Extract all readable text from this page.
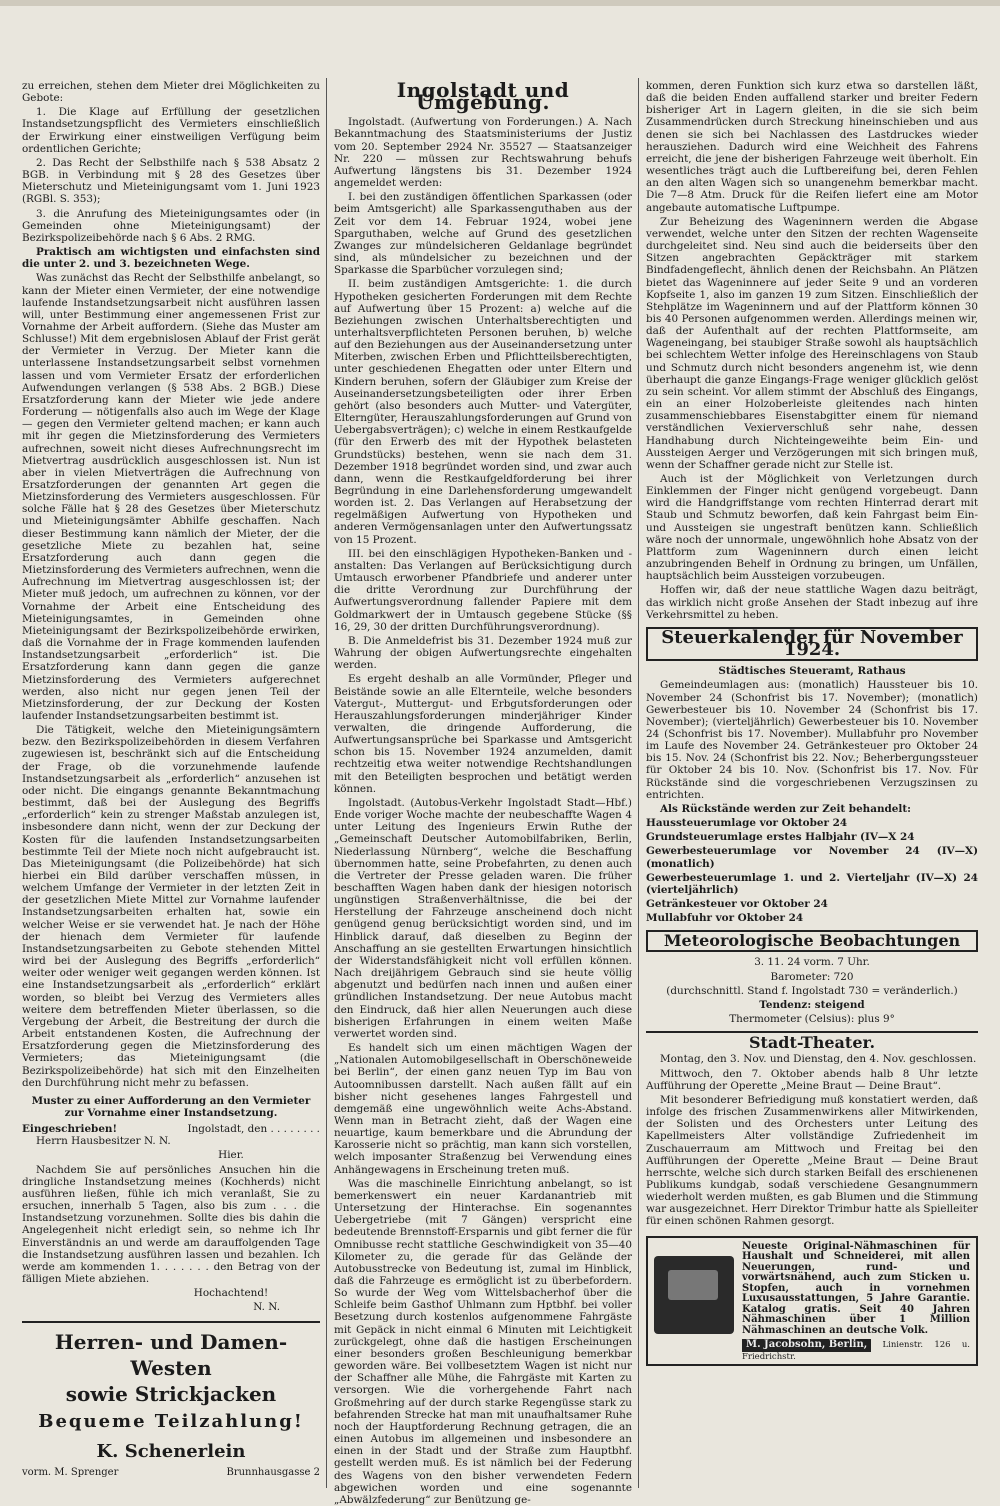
zu erreichen, stehen dem Mieter drei Möglichkeiten zu Gebote:

1. Die Klage auf Erfüllung der gesetzlichen Instandsetzungspflicht des Vermieters einschließlich der Erwirkung einer einstweiligen Verfügung beim ordentlichen Gerichte;

2. Das Recht der Selbsthilfe nach § 538 Absatz 2 BGB. in Verbindung mit § 28 des Gesetzes über Mieterschutz und Mieteinigungsamt vom 1. Juni 1923 (RGBl. S. 353);

3. die Anrufung des Mieteinigungsamtes oder (in Gemeinden ohne Mieteinigungsamt) der Bezirkspolizeibehörde nach § 6 Abs. 2 RMG.

Praktisch am wichtigsten und einfachsten sind die unter 2. und 3. bezeichneten Wege.

Was zunächst das Recht der Selbsthilfe anbelangt, so kann der Mieter einen Vermieter, der eine notwendige laufende Instandsetzungsarbeit nicht ausführen lassen will, unter Bestimmung einer angemessenen Frist zur Vornahme der Arbeit auffordern. (Siehe das Muster am Schlusse!) Mit dem ergebnislosen Ablauf der Frist gerät der Vermieter in Verzug. Der Mieter kann die unterlassene Instandsetzungsarbeit selbst vornehmen lassen und vom Vermieter Ersatz der erforderlichen Aufwendungen verlangen (§ 538 Abs. 2 BGB.) Diese Ersatzforderung kann der Mieter wie jede andere Forderung — nötigenfalls also auch im Wege der Klage — gegen den Vermieter geltend machen; er kann auch mit ihr gegen die Mietzinsforderung des Vermieters aufrechnen, soweit nicht dieses Aufrechnungsrecht im Mietvertrag ausdrücklich ausgeschlossen ist. Nun ist aber in vielen Mietverträgen die Aufrechnung von Ersatzforderungen der genannten Art gegen die Mietzinsforderung des Vermieters ausgeschlossen. Für solche Fälle hat § 28 des Gesetzes über Mieterschutz und Mieteinigungsämter Abhilfe geschaffen. Nach dieser Bestimmung kann nämlich der Mieter, der die gesetzliche Miete zu bezahlen hat, seine Ersatzforderung auch dann gegen die Mietzinsforderung des Vermieters aufrechnen, wenn die Aufrechnung im Mietvertrag ausgeschlossen ist; der Mieter muß jedoch, um aufrechnen zu können, vor der Vornahme der Arbeit eine Entscheidung des Mieteinigungsamtes, in Gemeinden ohne Mieteinigungsamt der Bezirkspolizeibehörde erwirken, daß die Vornahme der in Frage kommenden laufenden Instandsetzungsarbeit „erforderlich“ ist. Die Ersatzforderung kann dann gegen die ganze Mietzinsforderung des Vermieters aufgerechnet werden, also nicht nur gegen jenen Teil der Mietzinsforderung, der zur Deckung der Kosten laufender Instandsetzungsarbeiten bestimmt ist.

Die Tätigkeit, welche den Mieteinigungsämtern bezw. den Bezirkspolizeibehörden in diesem Verfahren zugewiesen ist, beschränkt sich auf die Entscheidung der Frage, ob die vorzunehmende laufende Instandsetzungsarbeit als „erforderlich“ anzusehen ist oder nicht. Die eingangs genannte Bekanntmachung bestimmt, daß bei der Auslegung des Begriffs „erforderlich“ kein zu strenger Maßstab anzulegen ist, insbesondere dann nicht, wenn der zur Deckung der Kosten für die laufenden Instandsetzungsarbeiten bestimmte Teil der Miete noch nicht aufgebraucht ist. Das Mieteinigungsamt (die Polizeibehörde) hat sich hierbei ein Bild darüber verschaffen müssen, in welchem Umfange der Vermieter in der letzten Zeit in der gesetzlichen Miete Mittel zur Vornahme laufender Instandsetzungsarbeiten erhalten hat, sowie ein welcher Weise er sie verwendet hat. Je nach der Höhe der hienach dem Vermieter für laufende Instandsetzungsarbeiten zu Gebote stehenden Mittel wird bei der Auslegung des Begriffs „erforderlich“ weiter oder weniger weit gegangen werden können. Ist eine Instandsetzungsarbeit als „erforderlich“ erklärt worden, so bleibt bei Verzug des Vermieters alles weitere dem betreffenden Mieter überlassen, so die Vergebung der Arbeit, die Bestreitung der durch die Arbeit entstandenen Kosten, die Aufrechnung der Ersatzforderung gegen die Mietzinsforderung des Vermieters; das Mieteinigungsamt (die Bezirkspolizeibehörde) hat sich mit den Einzelheiten den Durchführung nicht mehr zu befassen.

Muster zu einer Aufforderung an den Vermieter zur Vornahme einer Instandsetzung.

Eingeschrieben!	Ingolstadt, den . . . . . . . .

Herrn Hausbesitzer N. N.

Hier.

Nachdem Sie auf persönliches Ansuchen hin die dringliche Instandsetzung meines (Kochherds) nicht ausführen ließen, fühle ich mich veranlaßt, Sie zu ersuchen, innerhalb 5 Tagen, also bis zum . . . die Instandsetzung vorzunehmen. Sollte dies bis dahin die Angelegenheit nicht erledigt sein, so nehme ich Ihr Einverständnis an und werde am darauffolgenden Tage die Instandsetzung ausführen lassen und bezahlen. Ich werde am kommenden 1. . . . . . . den Betrag von der fälligen Miete abziehen.

Hochachtend!

N. N.

Herren- und Damen-Westen
sowie Strickjacken
Bequeme Teilzahlung!
K. Schenerlein
vorm. M. Sprenger	Brunnhausgasse 2
Ingolstadt und Umgebung.

Ingolstadt. (Aufwertung von Forderungen.) A. Nach Bekanntmachung des Staatsministeriums der Justiz vom 20. September 2924 Nr. 35527 — Staatsanzeiger Nr. 220 — müssen zur Rechtswahrung behufs Aufwertung längstens bis 31. Dezember 1924 angemeldet werden:

I. bei den zuständigen öffentlichen Sparkassen (oder beim Amtsgericht) alle Sparkassenguthaben aus der Zeit vor dem 14. Februar 1924, wobei jene Sparguthaben, welche auf Grund des gesetzlichen Zwanges zur mündelsicheren Geldanlage begründet sind, als mündelsicher zu bezeichnen und der Sparkasse die Sparbücher vorzulegen sind;

II. beim zuständigen Amtsgerichte: 1. die durch Hypotheken gesicherten Forderungen mit dem Rechte auf Aufwertung über 15 Prozent: a) welche auf die Beziehungen zwischen Unterhaltsberechtigten und unterhaltsverpflichteten Personen beruhen, b) welche auf den Beziehungen aus der Auseinandersetzung unter Miterben, zwischen Erben und Pflichtteilsberechtigten, unter geschiedenen Ehegatten oder unter Eltern und Kindern beruhen, sofern der Gläubiger zum Kreise der Auseinandersetzungsbeteiligten oder ihrer Erben gehört (also besonders auch Mutter- und Vatergüter, Elterngüter, Herauszahlungsforderungen auf Grund von Uebergabsverträgen); c) welche in einem Restkaufgelde (für den Erwerb des mit der Hypothek belasteten Grundstücks) bestehen, wenn sie nach dem 31. Dezember 1918 begründet worden sind, und zwar auch dann, wenn die Restkaufgeldforderung bei ihrer Begründung in eine Darlehensforderung umgewandelt worden ist. 2. Das Verlangen auf Herabsetzung der regelmäßigen Aufwertung von Hypotheken und anderen Vermögensanlagen unter den Aufwertungssatz von 15 Prozent.

III. bei den einschlägigen Hypotheken-Banken und -anstalten: Das Verlangen auf Berücksichtigung durch Umtausch erworbener Pfandbriefe und anderer unter die dritte Verordnung zur Durchführung der Aufwertungsverordnung fallender Papiere mit dem Goldmarkwert der in Umtausch gegebene Stücke (§§ 16, 29, 30 der dritten Durchführungsverordnung).

B. Die Anmeldefrist bis 31. Dezember 1924 muß zur Wahrung der obigen Aufwertungsrechte eingehalten werden.

Es ergeht deshalb an alle Vormünder, Pfleger und Beistände sowie an alle Elternteile, welche besonders Vatergut-, Muttergut- und Erbgutsforderungen oder Herauszahlungsforderungen minderjähriger Kinder verwalten, die dringende Aufforderung, die Aufwertungsansprüche bei Sparkasse und Amtsgericht schon bis 15. November 1924 anzumelden, damit rechtzeitig etwa weiter notwendige Rechtshandlungen mit den Beteiligten besprochen und betätigt werden können.

Ingolstadt. (Autobus-Verkehr Ingolstadt Stadt—Hbf.) Ende voriger Woche machte der neubeschaffte Wagen 4 unter Leitung des Ingenieurs Erwin Ruthe der „Gemeinschaft Deutscher Automobilfabriken, Berlin, Niederlassung Nürnberg“, welche die Beschaffung übernommen hatte, seine Probefahrten, zu denen auch die Vertreter der Presse geladen waren. Die früher beschafften Wagen haben dank der hiesigen notorisch ungünstigen Straßenverhältnisse, die bei der Herstellung der Fahrzeuge anscheinend doch nicht genügend genug berücksichtigt worden sind, und im Hinblick darauf, daß dieselben zu Beginn der Anschaffung an sie gestellten Erwartungen hinsichtlich der Widerstandsfähigkeit nicht voll erfüllen können. Nach dreijährigem Gebrauch sind sie heute völlig abgenutzt und bedürfen nach innen und außen einer gründlichen Instandsetzung. Der neue Autobus macht den Eindruck, daß hier allen Neuerungen auch diese bisherigen Erfahrungen in einem weiten Maße verwertet worden sind.

Es handelt sich um einen mächtigen Wagen der „Nationalen Automobilgesellschaft in Oberschöneweide bei Berlin“, der einen ganz neuen Typ im Bau von Autoomnibussen darstellt. Nach außen fällt auf ein bisher nicht gesehenes langes Fahrgestell und demgemäß eine ungewöhnlich weite Achs-Abstand. Wenn man in Betracht zieht, daß der Wagen eine neuartige, kaum bemerkbare und die Abrundung der Karosserie nicht so prächtig, man kann sich vorstellen, welch imposanter Straßenzug bei Verwendung eines Anhängewagens in Erscheinung treten muß.

Was die maschinelle Einrichtung anbelangt, so ist bemerkenswert ein neuer Kardanantrieb mit Untersetzung der Hinterachse. Ein sogenanntes Uebergetriebe (mit 7 Gängen) verspricht eine bedeutende Brennstoff-Ersparnis und gibt ferner die für Omnibusse recht stattliche Geschwindigkeit von 35—40 Kilometer zu, die gerade für das Gelände der Autobusstrecke von Bedeutung ist, zumal im Hinblick, daß die Fahrzeuge es ermöglicht ist zu überbefordern. So wurde der Weg vom Wittelsbacherhof über die Schleife beim Gasthof Uhlmann zum Hptbhf. bei voller Besetzung durch kostenlos aufgenommene Fahrgäste mit Gepäck in nicht einmal 6 Minuten mit Leichtigkeit zurückgelegt, ohne daß die hastigen Erscheinungen einer besonders großen Beschleunigung bemerkbar geworden wäre. Bei vollbesetztem Wagen ist nicht nur der Schaffner alle Mühe, die Fahrgäste mit Karten zu versorgen. Wie die vorhergehende Fahrt nach Großmehring auf der durch starke Regengüsse stark zu befahrenden Strecke hat man mit unaufhaltsamer Ruhe noch der Hauptforderung Rechnung getragen, die an einen Autobus im allgemeinen und insbesondere an einen in der Stadt und der Straße zum Hauptbhf. gestellt werden muß. Es ist nämlich bei der Federung des Wagens von den bisher verwendeten Federn abgewichen worden und eine sogenannte „Abwälzfederung“ zur Benützung ge-

kommen, deren Funktion sich kurz etwa so darstellen läßt, daß die beiden Enden auffallend starker und breiter Federn bisheriger Art in Lagern gleiten, in die sie sich beim Zusammendrücken durch Streckung hineinschieben und aus denen sie sich bei Nachlassen des Lastdruckes wieder herausziehen. Dadurch wird eine Weichheit des Fahrens erreicht, die jene der bisherigen Fahrzeuge weit überholt. Ein wesentliches trägt auch die Luftbereifung bei, deren Fehlen an den alten Wagen sich so unangenehm bemerkbar macht. Die 7—8 Atm. Druck für die Reifen liefert eine am Motor angebaute automatische Luftpumpe.

Zur Beheizung des Wageninnern werden die Abgase verwendet, welche unter den Sitzen der rechten Wagenseite durchgeleitet sind. Neu sind auch die beiderseits über den Sitzen angebrachten Gepäckträger mit starkem Bindfadengeflecht, ähnlich denen der Reichsbahn. An Plätzen bietet das Wageninnere auf jeder Seite 9 und an vorderen Kopfseite 1, also im ganzen 19 zum Sitzen. Einschließlich der Stehplätze im Wageninnern und auf der Plattform können 30 bis 40 Personen aufgenommen werden. Allerdings meinen wir, daß der Aufenthalt auf der rechten Plattformseite, am Wageneingang, bei staubiger Straße sowohl als hauptsächlich bei schlechtem Wetter infolge des Hereinschlagens von Staub und Schmutz durch nicht besonders angenehm ist, wie denn überhaupt die ganze Eingangs-Frage weniger glücklich gelöst zu sein scheint. Vor allem stimmt der Abschluß des Eingangs, ein an einer Holzoberleiste gleitendes nach hinten zusammenschiebbares Eisenstabgitter einem für niemand verständlichen Vexierverschluß sehr nahe, dessen Handhabung durch Nichteingeweihte beim Ein- und Aussteigen Aerger und Verzögerungen mit sich bringen muß, wenn der Schaffner gerade nicht zur Stelle ist.

Auch ist der Möglichkeit von Verletzungen durch Einklemmen der Finger nicht genügend vorgebeugt. Dann wird die Handgriffstange vom rechten Hinterrad derart mit Staub und Schmutz beworfen, daß kein Fahrgast beim Ein- und Aussteigen sie ungestraft benützen kann. Schließlich wäre noch der unnormale, ungewöhnlich hohe Absatz von der Plattform zum Wageninnern durch einen leicht anzubringenden Behelf in Ordnung zu bringen, um Unfällen, hauptsächlich beim Aussteigen vorzubeugen.

Hoffen wir, daß der neue stattliche Wagen dazu beiträgt, das wirklich nicht große Ansehen der Stadt inbezug auf ihre Verkehrsmittel zu heben.

Steuerkalender für November 1924.

Städtisches Steueramt, Rathaus

Gemeindeumlagen aus: (monatlich) Haussteuer bis 10. November 24 (Schonfrist bis 17. November); (monatlich) Gewerbesteuer bis 10. November 24 (Schonfrist bis 17. November); (vierteljährlich) Gewerbesteuer bis 10. November 24 (Schonfrist bis 17. November). Mullabfuhr pro November im Laufe des November 24. Getränkesteuer pro Oktober 24 bis 15. Nov. 24 (Schonfrist bis 22. Nov.; Beherbergungssteuer für Oktober 24 bis 10. Nov. (Schonfrist bis 17. Nov. Für Rückstände sind die vorgeschriebenen Verzugszinsen zu entrichten.

Als Rückstände werden zur Zeit behandelt:

Haussteuerumlage vor Oktober 24

Grundsteuerumlage erstes Halbjahr (IV—X 24

Gewerbesteuerumlage vor November 24 (IV—X) (monatlich)

Gewerbesteuerumlage 1. und 2. Vierteljahr (IV—X) 24 (vierteljährlich)

Getränkesteuer vor Oktober 24

Mullabfuhr vor Oktober 24

Meteorologische Beobachtungen

3. 11. 24 vorm. 7 Uhr.

Barometer: 720

(durchschnittl. Stand f. Ingolstadt 730 = veränderlich.)

Tendenz: steigend

Thermometer (Celsius): plus 9°

Stadt-Theater.

Montag, den 3. Nov. und Dienstag, den 4. Nov. geschlossen.

Mittwoch, den 7. Oktober abends halb 8 Uhr letzte Aufführung der Operette „Meine Braut — Deine Braut“.

Mit besonderer Befriedigung muß konstatiert werden, daß infolge des frischen Zusammenwirkens aller Mitwirkenden, der Solisten und des Orchesters unter Leitung des Kapellmeisters Alter vollständige Zufriedenheit im Zuschauerraum am Mittwoch und Freitag bei den Aufführungen der Operette „Meine Braut — Deine Braut herrschte, welche sich durch starken Beifall des erschienenen Publikums kundgab, sodaß verschiedene Gesangnummern wiederholt werden mußten, es gab Blumen und die Stimmung war ausgezeichnet. Herr Direktor Trimbur hatte als Spielleiter für einen schönen Rahmen gesorgt.

Neueste Original-Nähmaschinen für Haushalt und Schneiderei, mit allen Neuerungen, rund- und vorwärtsnähend, auch zum Sticken u. Stopfen, auch in vornehmen Luxusausstattungen, 5 Jahre Garantie. Katalog gratis. Seit 40 Jahren Nähmaschinen über 1 Million Nähmaschinen an deutsche Volk.
M. Jacobsohn, Berlin, Linienstr. 126 u. Friedrichstr.
